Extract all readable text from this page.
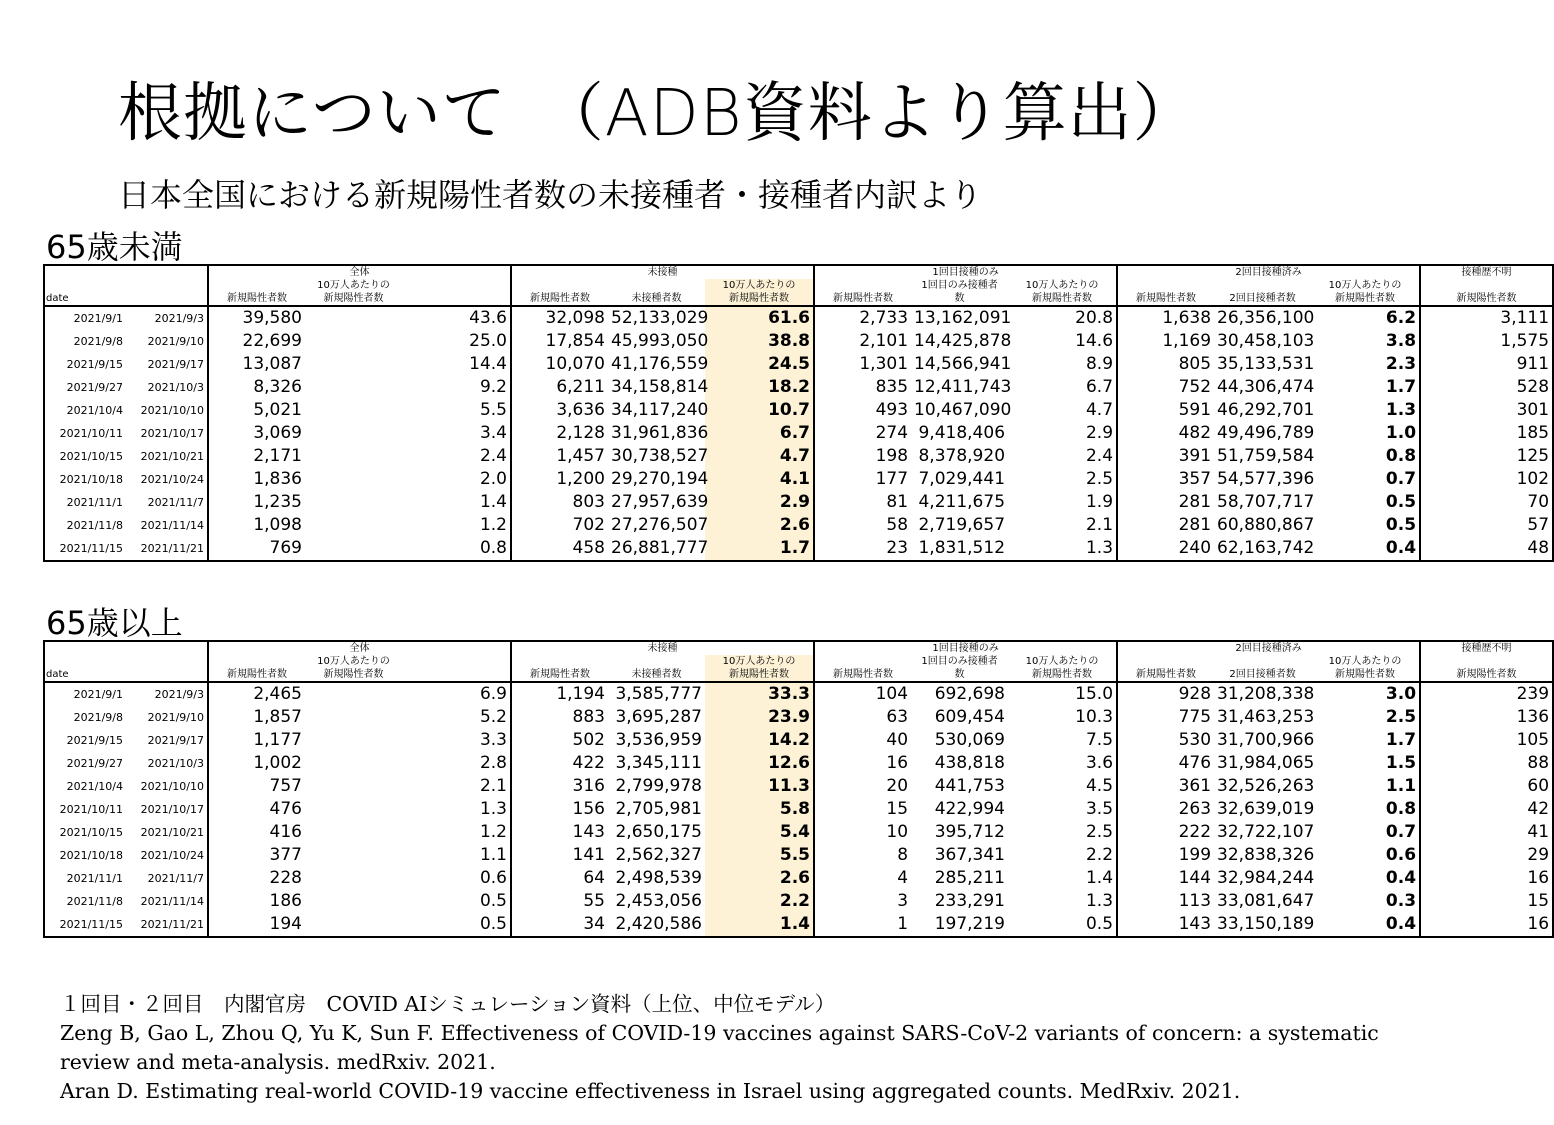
根拠について　（ADB資料より算出）
日本全国における新規陽性者数の未接種者・接種者内訳より
65歳未満
		全体			未接種			1回目接種のみ			2回目接種済み			接種歴不明
			10万人あたりの				10万人あたりの		1回目のみ接種者	10万人あたりの			10万人あたりの	
date		新規陽性者数	新規陽性者数		新規陽性者数	未接種者数	新規陽性者数	新規陽性者数	数	新規陽性者数	新規陽性者数	2回目接種者数	新規陽性者数	新規陽性者数
2021/9/1	2021/9/3	39,580	43.6		32,098	52,133,029	61.6	2,733	13,162,091	20.8	1,638	26,356,100	6.2	3,111
2021/9/8	2021/9/10	22,699	25.0		17,854	45,993,050	38.8	2,101	14,425,878	14.6	1,169	30,458,103	3.8	1,575
2021/9/15	2021/9/17	13,087	14.4		10,070	41,176,559	24.5	1,301	14,566,941	8.9	805	35,133,531	2.3	911
2021/9/27	2021/10/3	8,326	9.2		6,211	34,158,814	18.2	835	12,411,743	6.7	752	44,306,474	1.7	528
2021/10/4	2021/10/10	5,021	5.5		3,636	34,117,240	10.7	493	10,467,090	4.7	591	46,292,701	1.3	301
2021/10/11	2021/10/17	3,069	3.4		2,128	31,961,836	6.7	274	9,418,406	2.9	482	49,496,789	1.0	185
2021/10/15	2021/10/21	2,171	2.4		1,457	30,738,527	4.7	198	8,378,920	2.4	391	51,759,584	0.8	125
2021/10/18	2021/10/24	1,836	2.0		1,200	29,270,194	4.1	177	7,029,441	2.5	357	54,577,396	0.7	102
2021/11/1	2021/11/7	1,235	1.4		803	27,957,639	2.9	81	4,211,675	1.9	281	58,707,717	0.5	70
2021/11/8	2021/11/14	1,098	1.2		702	27,276,507	2.6	58	2,719,657	2.1	281	60,880,867	0.5	57
2021/11/15	2021/11/21	769	0.8		458	26,881,777	1.7	23	1,831,512	1.3	240	62,163,742	0.4	48
65歳以上
		全体			未接種			1回目接種のみ			2回目接種済み			接種歴不明
			10万人あたりの				10万人あたりの		1回目のみ接種者	10万人あたりの			10万人あたりの	
date		新規陽性者数	新規陽性者数		新規陽性者数	未接種者数	新規陽性者数	新規陽性者数	数	新規陽性者数	新規陽性者数	2回目接種者数	新規陽性者数	新規陽性者数
2021/9/1	2021/9/3	2,465	6.9		1,194	3,585,777	33.3	104	692,698	15.0	928	31,208,338	3.0	239
2021/9/8	2021/9/10	1,857	5.2		883	3,695,287	23.9	63	609,454	10.3	775	31,463,253	2.5	136
2021/9/15	2021/9/17	1,177	3.3		502	3,536,959	14.2	40	530,069	7.5	530	31,700,966	1.7	105
2021/9/27	2021/10/3	1,002	2.8		422	3,345,111	12.6	16	438,818	3.6	476	31,984,065	1.5	88
2021/10/4	2021/10/10	757	2.1		316	2,799,978	11.3	20	441,753	4.5	361	32,526,263	1.1	60
2021/10/11	2021/10/17	476	1.3		156	2,705,981	5.8	15	422,994	3.5	263	32,639,019	0.8	42
2021/10/15	2021/10/21	416	1.2		143	2,650,175	5.4	10	395,712	2.5	222	32,722,107	0.7	41
2021/10/18	2021/10/24	377	1.1		141	2,562,327	5.5	8	367,341	2.2	199	32,838,326	0.6	29
2021/11/1	2021/11/7	228	0.6		64	2,498,539	2.6	4	285,211	1.4	144	32,984,244	0.4	16
2021/11/8	2021/11/14	186	0.5		55	2,453,056	2.2	3	233,291	1.3	113	33,081,647	0.3	15
2021/11/15	2021/11/21	194	0.5		34	2,420,586	1.4	1	197,219	0.5	143	33,150,189	0.4	16
１回目・２回目　内閣官房　COVID AIシミュレーション資料（上位、中位モデル）
Zeng B, Gao L, Zhou Q, Yu K, Sun F. Effectiveness of COVID-19 vaccines against SARS-CoV-2 variants of concern: a systematic
review and meta-analysis. medRxiv. 2021.
Aran D. Estimating real-world COVID-19 vaccine effectiveness in Israel using aggregated counts. MedRxiv. 2021.
